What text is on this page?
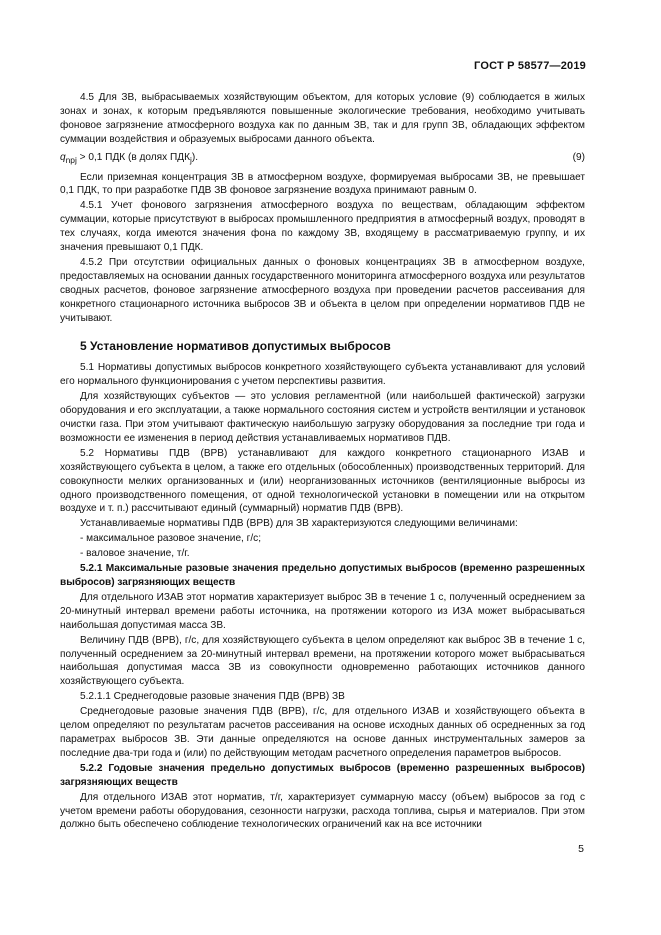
ГОСТ Р 58577—2019

4.5 Для ЗВ, выбрасываемых хозяйствующим объектом, для которых условие (9) соблюдается в жилых зонах и зонах, к которым предъявляются повышенные экологические требования, необходимо учитывать фоновое загрязнение атмосферного воздуха как по данным ЗВ, так и для групп ЗВ, обладающих эффектом суммации воздействия и образуемых выбросами данного объекта.

$q_{npj} > 0,1$ ПДК (в долях $ПДК_j$).	(9)

Если приземная концентрация ЗВ в атмосферном воздухе, формируемая выбросами ЗВ, не превышает 0,1 ПДК, то при разработке ПДВ ЗВ фоновое загрязнение воздуха принимают равным 0.

4.5.1 Учет фонового загрязнения атмосферного воздуха по веществам, обладающим эффектом суммации, которые присутствуют в выбросах промышленного предприятия в атмосферный воздух, проводят в тех случаях, когда имеются значения фона по каждому ЗВ, входящему в рассматриваемую группу, и их значения превышают 0,1 ПДК.

4.5.2 При отсутствии официальных данных о фоновых концентрациях ЗВ в атмосферном воздухе, предоставляемых на основании данных государственного мониторинга атмосферного воздуха или результатов сводных расчетов, фоновое загрязнение атмосферного воздуха при проведении расчетов рассеивания для конкретного стационарного источника выбросов ЗВ и объекта в целом при определении нормативов ПДВ не учитывают.

5 Установление нормативов допустимых выбросов

5.1 Нормативы допустимых выбросов конкретного хозяйствующего субъекта устанавливают для условий его нормального функционирования с учетом перспективы развития.

Для хозяйствующих субъектов — это условия регламентной (или наибольшей фактической) загрузки оборудования и его эксплуатации, а также нормального состояния систем и устройств вентиляции и установок очистки газа. При этом учитывают фактическую наибольшую загрузку оборудования за последние три года и возможности ее изменения в период действия устанавливаемых нормативов ПДВ.

5.2 Нормативы ПДВ (ВРВ) устанавливают для каждого конкретного стационарного ИЗАВ и хозяйствующего субъекта в целом, а также его отдельных (обособленных) производственных территорий. Для совокупности мелких организованных и (или) неорганизованных источников (вентиляционные выбросы из одного производственного помещения, от одной технологической установки в помещении или на открытом воздухе и т. п.) рассчитывают единый (суммарный) норматив ПДВ (ВРВ).

Устанавливаемые нормативы ПДВ (ВРВ) для ЗВ характеризуются следующими величинами:

- максимальное разовое значение, г/с;

- валовое значение, т/г.

5.2.1 Максимальные разовые значения предельно допустимых выбросов (временно разрешенных выбросов) загрязняющих веществ

Для отдельного ИЗАВ этот норматив характеризует выброс ЗВ в течение 1 с, полученный осреднением за 20-минутный интервал времени работы источника, на протяжении которого из ИЗА может выбрасываться наибольшая допустимая масса ЗВ.

Величину ПДВ (ВРВ), г/с, для хозяйствующего субъекта в целом определяют как выброс ЗВ в течение 1 с, полученный осреднением за 20-минутный интервал времени, на протяжении которого может выбрасываться наибольшая допустимая масса ЗВ из совокупности одновременно работающих источников данного хозяйствующего субъекта.

5.2.1.1 Среднегодовые разовые значения ПДВ (ВРВ) ЗВ

Среднегодовые разовые значения ПДВ (ВРВ), г/с, для отдельного ИЗАВ и хозяйствующего объекта в целом определяют по результатам расчетов рассеивания на основе исходных данных об осредненных за год параметрах выбросов ЗВ. Эти данные определяются на основе данных инструментальных замеров за последние два-три года и (или) по действующим методам расчетного определения параметров выбросов.

5.2.2 Годовые значения предельно допустимых выбросов (временно разрешенных выбросов) загрязняющих веществ

Для отдельного ИЗАВ этот норматив, т/г, характеризует суммарную массу (объем) выбросов за год с учетом времени работы оборудования, сезонности нагрузки, расхода топлива, сырья и материалов. При этом должно быть обеспечено соблюдение технологических ограничений как на все источники

5
